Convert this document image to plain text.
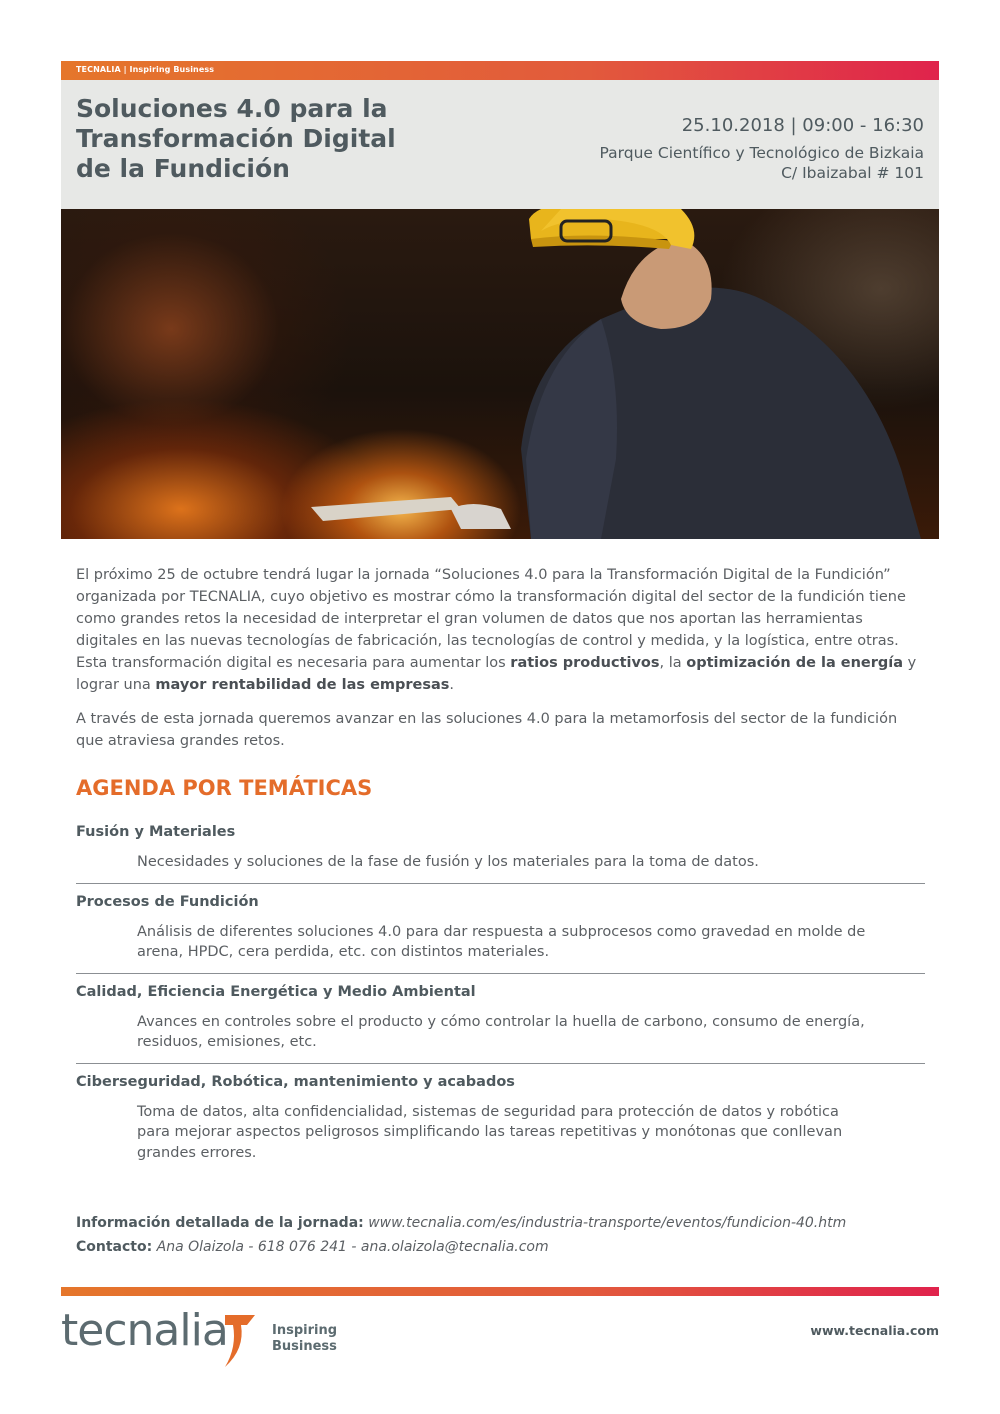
TECNALIA | Inspiring Business
Soluciones 4.0 para la
Transformación Digital
de la Fundición
25.10.2018 | 09:00 - 16:30
Parque Científico y Tecnológico de Bizkaia
C/ Ibaizabal # 101
El próximo 25 de octubre tendrá lugar la jornada “Soluciones 4.0 para la Transformación Digital de la Fundición” organizada por TECNALIA, cuyo objetivo es mostrar cómo la transformación digital del sector de la fundición tiene como grandes retos la necesidad de interpretar el gran volumen de datos que nos aportan las herramientas digitales en las nuevas tecnologías de fabricación, las tecnologías de control y medida, y la logística, entre otras. Esta transformación digital es necesaria para aumentar los ratios productivos, la optimización de la energía y lograr una mayor rentabilidad de las empresas.
A través de esta jornada queremos avanzar en las soluciones 4.0 para la metamorfosis del sector de la fundición que atraviesa grandes retos.
AGENDA POR TEMÁTICAS
Fusión y Materiales
Necesidades y soluciones de la fase de fusión y los materiales para la toma de datos.
Procesos de Fundición
Análisis de diferentes soluciones 4.0 para dar respuesta a subprocesos como gravedad en molde de arena, HPDC, cera perdida, etc. con distintos materiales.
Calidad, Eficiencia Energética y Medio Ambiental
Avances en controles sobre el producto y cómo controlar la huella de carbono, consumo de energía, residuos, emisiones, etc.
Ciberseguridad, Robótica, mantenimiento y acabados
Toma de datos, alta confidencialidad, sistemas de seguridad para protección de datos y robótica para mejorar aspectos peligrosos simplificando las tareas repetitivas y monótonas que conllevan grandes errores.
Información detallada de la jornada: www.tecnalia.com/es/industria-transporte/eventos/fundicion-40.htm
Contacto: Ana Olaizola - 618 076 241 - ana.olaizola@tecnalia.com
tecnalia	Inspiring
Business
www.tecnalia.com
